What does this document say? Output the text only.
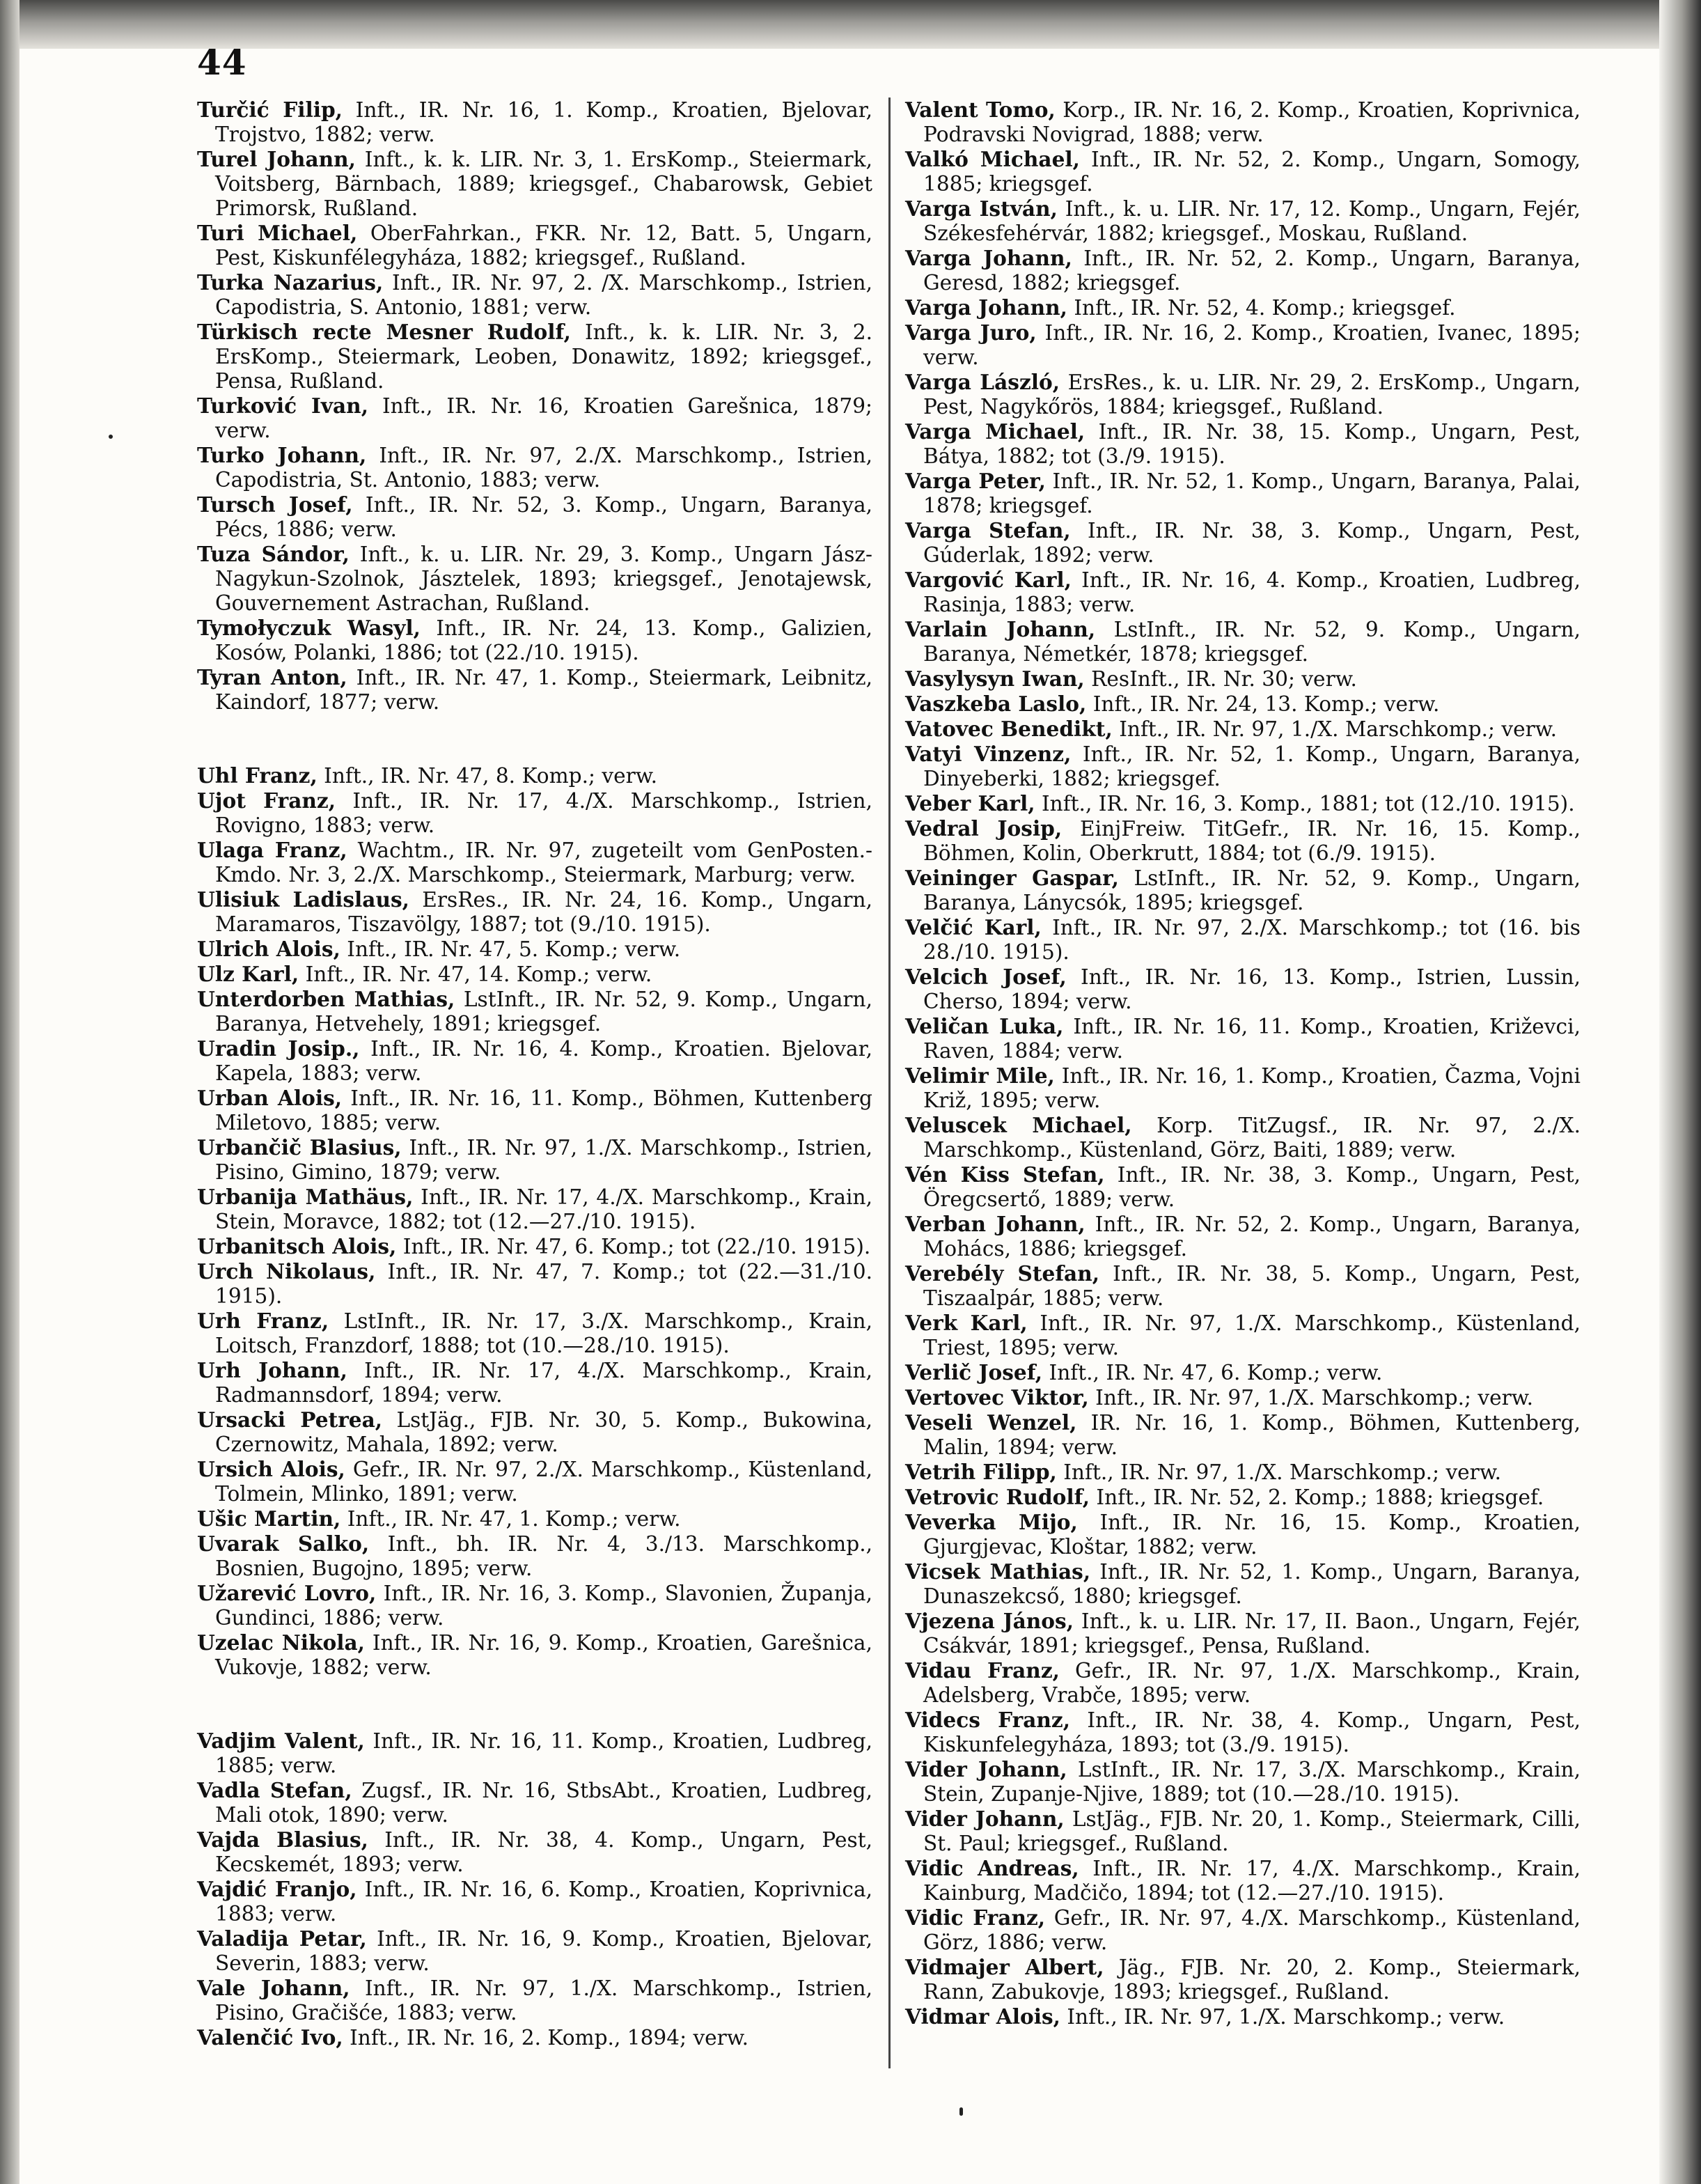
44
Turčić Filip, Inft., IR. Nr. 16, 1. Komp., Kroatien, Bjelovar, Trojstvo, 1882; verw.
Turel Johann, Inft., k. k. LIR. Nr. 3, 1. ErsKomp., Steiermark, Voitsberg, Bärnbach, 1889; kriegsgef., Chabarowsk, Gebiet Primorsk, Rußland.
Turi Michael, OberFahrkan., FKR. Nr. 12, Batt. 5, Ungarn, Pest, Kiskunfélegyháza, 1882; kriegsgef., Rußland.
Turka Nazarius, Inft., IR. Nr. 97, 2. /X. Marschkomp., Istrien, Capodistria, S. Antonio, 1881; verw.
Türkisch recte Mesner Rudolf, Inft., k. k. LIR. Nr. 3, 2. ErsKomp., Steiermark, Leoben, Donawitz, 1892; kriegsgef., Pensa, Rußland.
Turković Ivan, Inft., IR. Nr. 16, Kroatien Garešnica, 1879; verw.
Turko Johann, Inft., IR. Nr. 97, 2./X. Marschkomp., Istrien, Capodistria, St. Antonio, 1883; verw.
Tursch Josef, Inft., IR. Nr. 52, 3. Komp., Ungarn, Baranya, Pécs, 1886; verw.
Tuza Sándor, Inft., k. u. LIR. Nr. 29, 3. Komp., Ungarn Jász-Nagykun-Szolnok, Jásztelek, 1893; kriegsgef., Jenotajewsk, Gouvernement Astrachan, Rußland.
Tymołyczuk Wasyl, Inft., IR. Nr. 24, 13. Komp., Galizien, Kosów, Polanki, 1886; tot (22./10. 1915).
Tyran Anton, Inft., IR. Nr. 47, 1. Komp., Steiermark, Leibnitz, Kaindorf, 1877; verw.
Uhl Franz, Inft., IR. Nr. 47, 8. Komp.; verw.
Ujot Franz, Inft., IR. Nr. 17, 4./X. Marschkomp., Istrien, Rovigno, 1883; verw.
Ulaga Franz, Wachtm., IR. Nr. 97, zugeteilt vom GenPosten.-Kmdo. Nr. 3, 2./X. Marschkomp., Steiermark, Marburg; verw.
Ulisiuk Ladislaus, ErsRes., IR. Nr. 24, 16. Komp., Ungarn, Maramaros, Tiszavölgy, 1887; tot (9./10. 1915).
Ulrich Alois, Inft., IR. Nr. 47, 5. Komp.; verw.
Ulz Karl, Inft., IR. Nr. 47, 14. Komp.; verw.
Unterdorben Mathias, LstInft., IR. Nr. 52, 9. Komp., Ungarn, Baranya, Hetvehely, 1891; kriegsgef.
Uradin Josip., Inft., IR. Nr. 16, 4. Komp., Kroatien. Bjelovar, Kapela, 1883; verw.
Urban Alois, Inft., IR. Nr. 16, 11. Komp., Böhmen, Kuttenberg Miletovo, 1885; verw.
Urbančič Blasius, Inft., IR. Nr. 97, 1./X. Marschkomp., Istrien, Pisino, Gimino, 1879; verw.
Urbanija Mathäus, Inft., IR. Nr. 17, 4./X. Marschkomp., Krain, Stein, Moravce, 1882; tot (12.—27./10. 1915).
Urbanitsch Alois, Inft., IR. Nr. 47, 6. Komp.; tot (22./10. 1915).
Urch Nikolaus, Inft., IR. Nr. 47, 7. Komp.; tot (22.—31./10. 1915).
Urh Franz, LstInft., IR. Nr. 17, 3./X. Marschkomp., Krain, Loitsch, Franzdorf, 1888; tot (10.—28./10. 1915).
Urh Johann, Inft., IR. Nr. 17, 4./X. Marschkomp., Krain, Radmannsdorf, 1894; verw.
Ursacki Petrea, LstJäg., FJB. Nr. 30, 5. Komp., Bukowina, Czernowitz, Mahala, 1892; verw.
Ursich Alois, Gefr., IR. Nr. 97, 2./X. Marschkomp., Küstenland, Tolmein, Mlinko, 1891; verw.
Ušic Martin, Inft., IR. Nr. 47, 1. Komp.; verw.
Uvarak Salko, Inft., bh. IR. Nr. 4, 3./13. Marschkomp., Bosnien, Bugojno, 1895; verw.
Užarević Lovro, Inft., IR. Nr. 16, 3. Komp., Slavonien, Županja, Gundinci, 1886; verw.
Uzelac Nikola, Inft., IR. Nr. 16, 9. Komp., Kroatien, Garešnica, Vukovje, 1882; verw.
Vadjim Valent, Inft., IR. Nr. 16, 11. Komp., Kroatien, Ludbreg, 1885; verw.
Vadla Stefan, Zugsf., IR. Nr. 16, StbsAbt., Kroatien, Ludbreg, Mali otok, 1890; verw.
Vajda Blasius, Inft., IR. Nr. 38, 4. Komp., Ungarn, Pest, Kecskemét, 1893; verw.
Vajdić Franjo, Inft., IR. Nr. 16, 6. Komp., Kroatien, Koprivnica, 1883; verw.
Valadija Petar, Inft., IR. Nr. 16, 9. Komp., Kroatien, Bjelovar, Severin, 1883; verw.
Vale Johann, Inft., IR. Nr. 97, 1./X. Marschkomp., Istrien, Pisino, Gračišće, 1883; verw.
Valenčić Ivo, Inft., IR. Nr. 16, 2. Komp., 1894; verw.
Valent Tomo, Korp., IR. Nr. 16, 2. Komp., Kroatien, Koprivnica, Podravski Novigrad, 1888; verw.
Valkó Michael, Inft., IR. Nr. 52, 2. Komp., Ungarn, Somogy, 1885; kriegsgef.
Varga István, Inft., k. u. LIR. Nr. 17, 12. Komp., Ungarn, Fejér, Székesfehérvár, 1882; kriegsgef., Moskau, Rußland.
Varga Johann, Inft., IR. Nr. 52, 2. Komp., Ungarn, Baranya, Geresd, 1882; kriegsgef.
Varga Johann, Inft., IR. Nr. 52, 4. Komp.; kriegsgef.
Varga Juro, Inft., IR. Nr. 16, 2. Komp., Kroatien, Ivanec, 1895; verw.
Varga László, ErsRes., k. u. LIR. Nr. 29, 2. ErsKomp., Ungarn, Pest, Nagykőrös, 1884; kriegsgef., Rußland.
Varga Michael, Inft., IR. Nr. 38, 15. Komp., Ungarn, Pest, Bátya, 1882; tot (3./9. 1915).
Varga Peter, Inft., IR. Nr. 52, 1. Komp., Ungarn, Baranya, Palai, 1878; kriegsgef.
Varga Stefan, Inft., IR. Nr. 38, 3. Komp., Ungarn, Pest, Gúderlak, 1892; verw.
Vargović Karl, Inft., IR. Nr. 16, 4. Komp., Kroatien, Ludbreg, Rasinja, 1883; verw.
Varlain Johann, LstInft., IR. Nr. 52, 9. Komp., Ungarn, Baranya, Németkér, 1878; kriegsgef.
Vasylysyn Iwan, ResInft., IR. Nr. 30; verw.
Vaszkeba Laslo, Inft., IR. Nr. 24, 13. Komp.; verw.
Vatovec Benedikt, Inft., IR. Nr. 97, 1./X. Marschkomp.; verw.
Vatyi Vinzenz, Inft., IR. Nr. 52, 1. Komp., Ungarn, Baranya, Dinyeberki, 1882; kriegsgef.
Veber Karl, Inft., IR. Nr. 16, 3. Komp., 1881; tot (12./10. 1915).
Vedral Josip, EinjFreiw. TitGefr., IR. Nr. 16, 15. Komp., Böhmen, Kolin, Oberkrutt, 1884; tot (6./9. 1915).
Veininger Gaspar, LstInft., IR. Nr. 52, 9. Komp., Ungarn, Baranya, Lánycsók, 1895; kriegsgef.
Velčić Karl, Inft., IR. Nr. 97, 2./X. Marschkomp.; tot (16. bis 28./10. 1915).
Velcich Josef, Inft., IR. Nr. 16, 13. Komp., Istrien, Lussin, Cherso, 1894; verw.
Veličan Luka, Inft., IR. Nr. 16, 11. Komp., Kroatien, Križevci, Raven, 1884; verw.
Velimir Mile, Inft., IR. Nr. 16, 1. Komp., Kroatien, Čazma, Vojni Križ, 1895; verw.
Veluscek Michael, Korp. TitZugsf., IR. Nr. 97, 2./X. Marschkomp., Küstenland, Görz, Baiti, 1889; verw.
Vén Kiss Stefan, Inft., IR. Nr. 38, 3. Komp., Ungarn, Pest, Öregcsertő, 1889; verw.
Verban Johann, Inft., IR. Nr. 52, 2. Komp., Ungarn, Baranya, Mohács, 1886; kriegsgef.
Verebély Stefan, Inft., IR. Nr. 38, 5. Komp., Ungarn, Pest, Tiszaalpár, 1885; verw.
Verk Karl, Inft., IR. Nr. 97, 1./X. Marschkomp., Küstenland, Triest, 1895; verw.
Verlič Josef, Inft., IR. Nr. 47, 6. Komp.; verw.
Vertovec Viktor, Inft., IR. Nr. 97, 1./X. Marschkomp.; verw.
Veseli Wenzel, IR. Nr. 16, 1. Komp., Böhmen, Kuttenberg, Malin, 1894; verw.
Vetrih Filipp, Inft., IR. Nr. 97, 1./X. Marschkomp.; verw.
Vetrovic Rudolf, Inft., IR. Nr. 52, 2. Komp.; 1888; kriegsgef.
Veverka Mijo, Inft., IR. Nr. 16, 15. Komp., Kroatien, Gjurgjevac, Kloštar, 1882; verw.
Vicsek Mathias, Inft., IR. Nr. 52, 1. Komp., Ungarn, Baranya, Dunaszekcső, 1880; kriegsgef.
Vjezena János, Inft., k. u. LIR. Nr. 17, II. Baon., Ungarn, Fejér, Csákvár, 1891; kriegsgef., Pensa, Rußland.
Vidau Franz, Gefr., IR. Nr. 97, 1./X. Marschkomp., Krain, Adelsberg, Vrabče, 1895; verw.
Videcs Franz, Inft., IR. Nr. 38, 4. Komp., Ungarn, Pest, Kiskunfelegyháza, 1893; tot (3./9. 1915).
Vider Johann, LstInft., IR. Nr. 17, 3./X. Marschkomp., Krain, Stein, Zupanje-Njive, 1889; tot (10.—28./10. 1915).
Vider Johann, LstJäg., FJB. Nr. 20, 1. Komp., Steiermark, Cilli, St. Paul; kriegsgef., Rußland.
Vidic Andreas, Inft., IR. Nr. 17, 4./X. Marschkomp., Krain, Kainburg, Madčičo, 1894; tot (12.—27./10. 1915).
Vidic Franz, Gefr., IR. Nr. 97, 4./X. Marschkomp., Küstenland, Görz, 1886; verw.
Vidmajer Albert, Jäg., FJB. Nr. 20, 2. Komp., Steiermark, Rann, Zabukovje, 1893; kriegsgef., Rußland.
Vidmar Alois, Inft., IR. Nr. 97, 1./X. Marschkomp.; verw.
